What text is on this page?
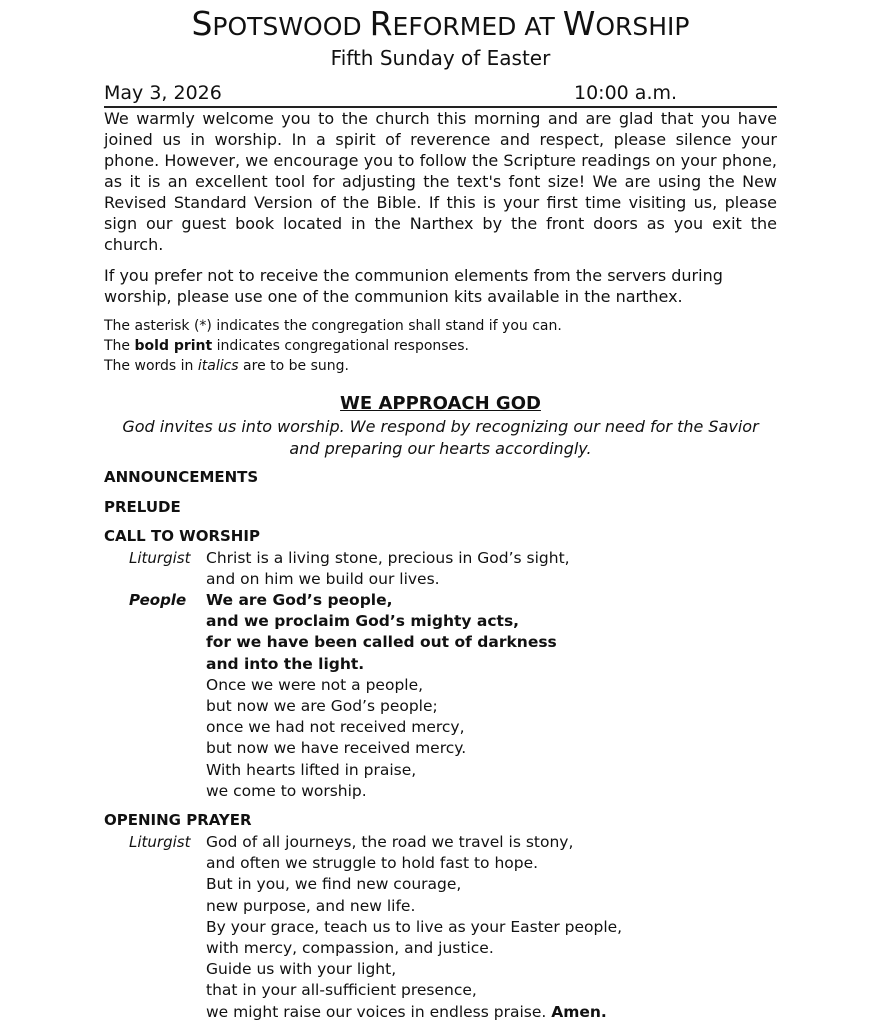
SPOTSWOOD REFORMED AT WORSHIP
Fifth Sunday of Easter
May 3, 2026	10:00 a.m.

We warmly welcome you to the church this morning and are glad that you have joined us in worship. In a spirit of reverence and respect, please silence your phone. However, we encourage you to follow the Scripture readings on your phone, as it is an excellent tool for adjusting the text's font size! We are using the New Revised Standard Version of the Bible. If this is your first time visiting us, please sign our guest book located in the Narthex by the front doors as you exit the church.

If you prefer not to receive the communion elements from the servers during worship, please use one of the communion kits available in the narthex.

The asterisk (*) indicates the congregation shall stand if you can.
The bold print indicates congregational responses.
The words in italics are to be sung.
WE APPROACH GOD
God invites us into worship. We respond by recognizing our need for the Savior
and preparing our hearts accordingly.
ANNOUNCEMENTS
PRELUDE
CALL TO WORSHIP
Liturgist Christ is a living stone, precious in God’s sight,
and on him we build our lives.
People We are God’s people,
and we proclaim God’s mighty acts,
for we have been called out of darkness
and into the light.
Once we were not a people,
but now we are God’s people;
once we had not received mercy,
but now we have received mercy.
With hearts lifted in praise,
we come to worship.
OPENING PRAYER
Liturgist God of all journeys, the road we travel is stony,
and often we struggle to hold fast to hope.
But in you, we find new courage,
new purpose, and new life.
By your grace, teach us to live as your Easter people,
with mercy, compassion, and justice.
Guide us with your light,
that in your all-sufficient presence,
we might raise our voices in endless praise. Amen.
